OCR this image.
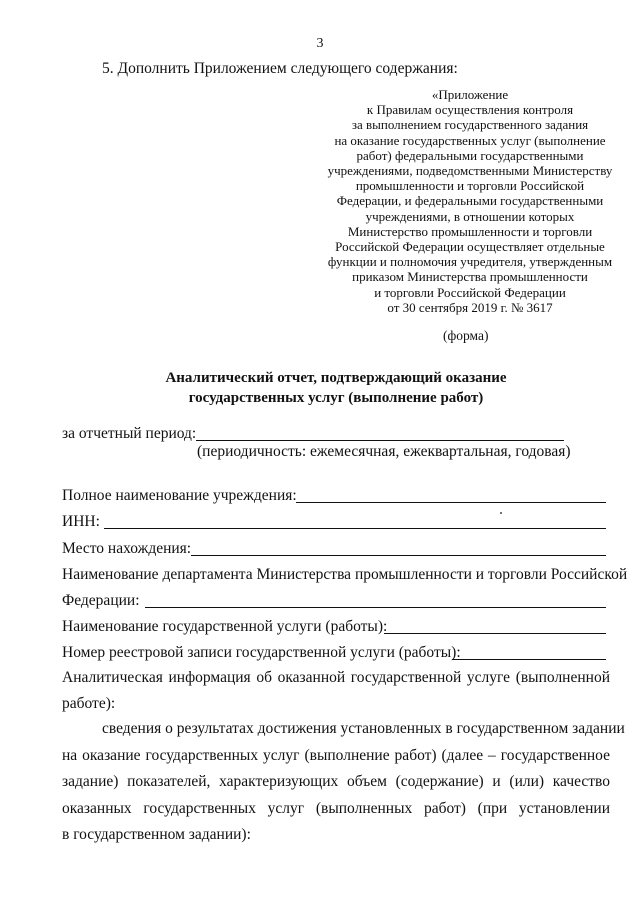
3
5. Дополнить Приложением следующего содержания:
«Приложение
к Правилам осуществления контроля
за выполнением государственного задания
на оказание государственных услуг (выполнение
работ) федеральными государственными
учреждениями, подведомственными Министерству
промышленности и торговли Российской
Федерации, и федеральными государственными
учреждениями, в отношении которых
Министерство промышленности и торговли
Российской Федерации осуществляет отдельные
функции и полномочия учредителя, утвержденным
приказом Министерства промышленности
и торговли Российской Федерации
от 30 сентября 2019 г. № 3617
(форма)
Аналитический отчет, подтверждающий оказание
государственных услуг (выполнение работ)
за отчетный период:
(периодичность: ежемесячная, ежеквартальная, годовая)
Полное наименование учреждения:
ИНН:
Место нахождения:
Наименование департамента Министерства промышленности и торговли Российской
Федерации:
Наименование государственной услуги (работы):
Номер реестровой записи государственной услуги (работы):
Аналитическая информация об оказанной государственной услуге (выполненной
работе):
сведения о результатах достижения установленных в государственном задании
на оказание государственных услуг (выполнение работ) (далее – государственное
задание) показателей, характеризующих объем (содержание) и (или) качество
оказанных государственных услуг (выполненных работ) (при установлении
в государственном задании):
